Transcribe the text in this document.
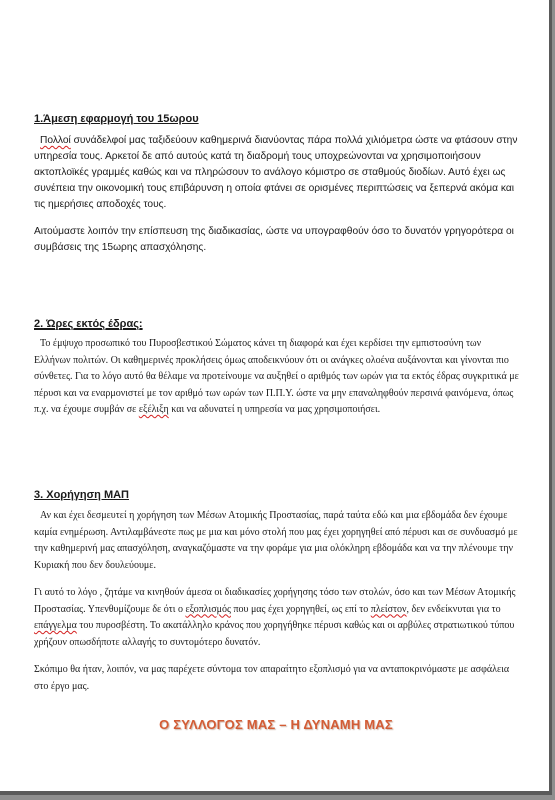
1.Άμεση εφαρμογή του 15ωρου

Πολλοί συνάδελφοί μας ταξιδεύουν καθημερινά διανύοντας πάρα πολλά χιλιόμετρα ώστε να φτάσουν στην υπηρεσία τους. Αρκετοί δε από αυτούς κατά τη διαδρομή τους υποχρεώνονται να χρησιμοποιήσουν ακτοπλοϊκές γραμμές καθώς και να πληρώσουν το ανάλογο κόμιστρο σε σταθμούς διοδίων. Αυτό έχει ως συνέπεια την οικονομική τους επιβάρυνση η οποία φτάνει σε ορισμένες περιπτώσεις να ξεπερνά ακόμα και τις ημερήσιες αποδοχές τους.

Αιτούμαστε λοιπόν την επίσπευση της διαδικασίας, ώστε να υπογραφθούν όσο το δυνατόν γρηγορότερα οι συμβάσεις της 15ωρης απασχόλησης.

2. Ώρες εκτός έδρας:

Το έμψυχο προσωπικό του Πυροσβεστικού Σώματος κάνει τη διαφορά και έχει κερδίσει την εμπιστοσύνη των Ελλήνων πολιτών. Οι καθημερινές προκλήσεις όμως αποδεικνύουν ότι οι ανάγκες ολοένα αυξάνονται και γίνονται πιο σύνθετες. Για το λόγο αυτό θα θέλαμε να προτείνουμε να αυξηθεί ο αριθμός των ωρών για τα εκτός έδρας συγκριτικά με πέρυσι και να εναρμονιστεί με τον αριθμό των ωρών των Π.Π.Υ. ώστε να μην επαναληφθούν περσινά φαινόμενα, όπως π.χ. να έχουμε συμβάν σε εξέλιξη και να αδυνατεί η υπηρεσία να μας χρησιμοποιήσει.

3. Χορήγηση ΜΑΠ

Αν και έχει δεσμευτεί η χορήγηση των Μέσων Ατομικής Προστασίας, παρά ταύτα εδώ και μια εβδομάδα δεν έχουμε καμία ενημέρωση. Αντιλαμβάνεστε πως με μια και μόνο στολή που μας έχει χορηγηθεί από πέρυσι και σε συνδυασμό με την καθημερινή μας απασχόληση, αναγκαζόμαστε να την φοράμε για μια ολόκληρη εβδομάδα και να την πλένουμε την Κυριακή που δεν δουλεύουμε.

Γι αυτό το λόγο , ζητάμε να κινηθούν άμεσα οι διαδικασίες χορήγησης τόσο των στολών, όσο και των Μέσων Ατομικής Προστασίας. Υπενθυμίζουμε δε ότι ο εξοπλισμός που μας έχει χορηγηθεί, ως επί το πλείστον, δεν ενδείκνυται για το επάγγελμα του πυροσβέστη. Το ακατάλληλο κράνος που χορηγήθηκε πέρυσι καθώς και οι αρβύλες στρατιωτικού τύπου χρήζουν οπωσδήποτε αλλαγής το συντομότερο δυνατόν.

Σκόπιμο θα ήταν, λοιπόν, να μας παρέχετε σύντομα τον απαραίτητο εξοπλισμό για να ανταποκρινόμαστε με ασφάλεια στο έργο μας.

Ο ΣΥΛΛΟΓΟΣ ΜΑΣ – Η ΔΥΝΑΜΗ ΜΑΣ
